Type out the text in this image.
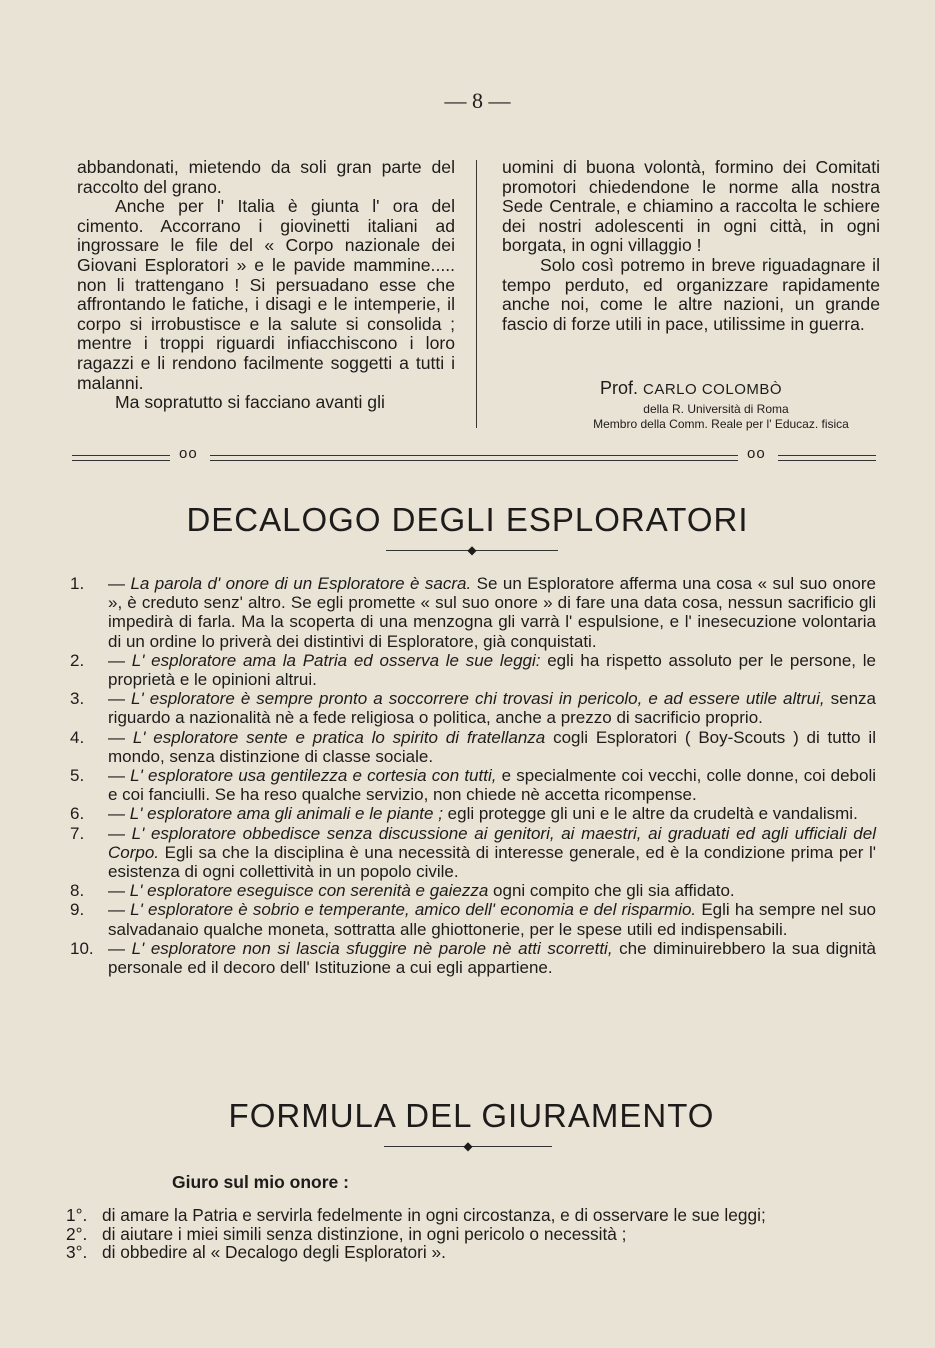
— 8 —

abbandonati, mietendo da soli gran parte del raccolto del grano.

Anche per l' Italia è giunta l' ora del cimento. Accorrano i giovinetti italiani ad ingrossare le file del « Corpo nazionale dei Giovani Esploratori » e le pavide mammine..... non li trattengano ! Si persuadano esse che affrontando le fatiche, i disagi e le intemperie, il corpo si irrobustisce e la salute si consolida ; mentre i troppi riguardi infiacchiscono i loro ragazzi e li rendono facilmente soggetti a tutti i malanni.

Ma sopratutto si facciano avanti gli

uomini di buona volontà, formino dei Comitati promotori chiedendone le norme alla nostra Sede Centrale, e chiamino a raccolta le schiere dei nostri adolescenti in ogni città, in ogni borgata, in ogni villaggio !

Solo così potremo in breve riguadagnare il tempo perduto, ed organizzare rapidamente anche noi, come le altre nazioni, un grande fascio di forze utili in pace, utilissime in guerra.

Prof. CARLO COLOMBÒ
della R. Università di Roma
Membro della Comm. Reale per l' Educaz. fisica
oo	oo
DECALOGO DEGLI ESPLORATORI
◆
1. — La parola d' onore di un Esploratore è sacra. Se un Esploratore afferma una cosa « sul suo onore », è creduto senz' altro. Se egli promette « sul suo onore » di fare una data cosa, nessun sacrificio gli impedirà di farla. Ma la scoperta di una menzogna gli varrà l' espulsione, e l' inesecuzione volontaria di un ordine lo priverà dei distintivi di Esploratore, già conquistati.
2. — L' esploratore ama la Patria ed osserva le sue leggi: egli ha rispetto assoluto per le persone, le proprietà e le opinioni altrui.
3. — L' esploratore è sempre pronto a soccorrere chi trovasi in pericolo, e ad essere utile altrui, senza riguardo a nazionalità nè a fede religiosa o politica, anche a prezzo di sacrificio proprio.
4. — L' esploratore sente e pratica lo spirito di fratellanza cogli Esploratori ( Boy-Scouts ) di tutto il mondo, senza distinzione di classe sociale.
5. — L' esploratore usa gentilezza e cortesia con tutti, e specialmente coi vecchi, colle donne, coi deboli e coi fanciulli. Se ha reso qualche servizio, non chiede nè accetta ricompense.
6. — L' esploratore ama gli animali e le piante ; egli protegge gli uni e le altre da crudeltà e vandalismi.
7. — L' esploratore obbedisce senza discussione ai genitori, ai maestri, ai graduati ed agli ufficiali del Corpo. Egli sa che la disciplina è una necessità di interesse generale, ed è la condizione prima per l' esistenza di ogni collettività in un popolo civile.
8. — L' esploratore eseguisce con serenità e gaiezza ogni compito che gli sia affidato.
9. — L' esploratore è sobrio e temperante, amico dell' economia e del risparmio. Egli ha sempre nel suo salvadanaio qualche moneta, sottratta alle ghiottonerie, per le spese utili ed indispensabili.
10. — L' esploratore non si lascia sfuggire nè parole nè atti scorretti, che diminuirebbero la sua dignità personale ed il decoro dell' Istituzione a cui egli appartiene.
FORMULA DEL GIURAMENTO
◆
Giuro sul mio onore :
1°. di amare la Patria e servirla fedelmente in ogni circostanza, e di osservare le sue leggi;
2°. di aiutare i miei simili senza distinzione, in ogni pericolo o necessità ;
3°. di obbedire al « Decalogo degli Esploratori ».
